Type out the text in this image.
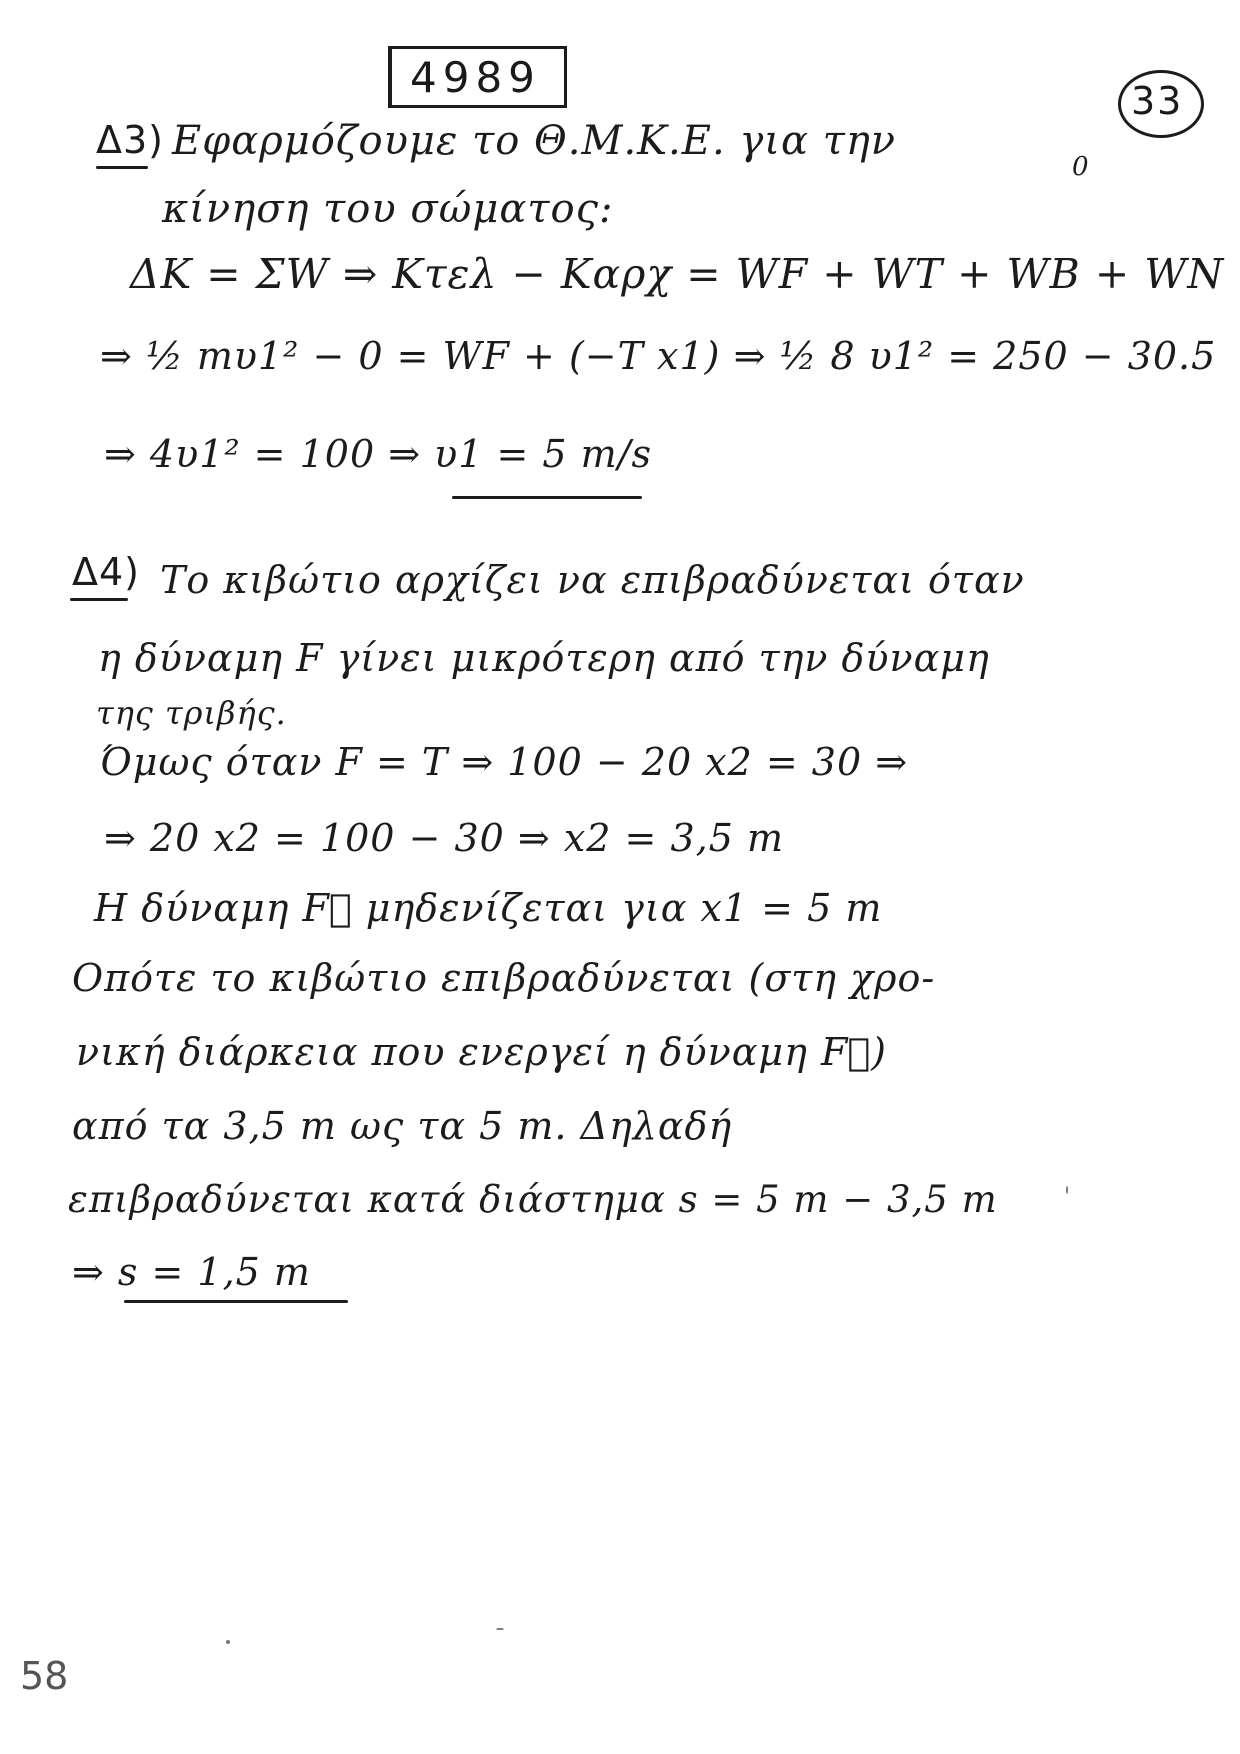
4989	33
Δ3) Εφαρμόζουμε το Θ.Μ.Κ.Ε. για την
κίνηση του σώματος:
0
ΔΚ = ΣW ⇒ Kτελ − Kαρχ = WF + WT + WB + WN
⇒ ½ mυ1² − 0 = WF + (−T x1) ⇒ ½ 8 υ1² = 250 − 30.5
⇒ 4υ1² = 100 ⇒ υ1 = 5 m/s
Δ4) Το κιβώτιο αρχίζει να επιβραδύνεται όταν
η δύναμη F γίνει μικρότερη από την δύναμη
της τριβής.
Όμως όταν F = T ⇒ 100 − 20 x2 = 30 ⇒
⇒ 20 x2 = 100 − 30 ⇒ x2 = 3,5 m
Η δύναμη F⃗ μηδενίζεται για x1 = 5 m
Οπότε το κιβώτιο επιβραδύνεται (στη χρο-
νική διάρκεια που ενεργεί η δύναμη F⃗)
από τα 3,5 m ως τα 5 m. Δηλαδή
επιβραδύνεται κατά διάστημα s = 5 m − 3,5 m
⇒ s = 1,5 m
58
